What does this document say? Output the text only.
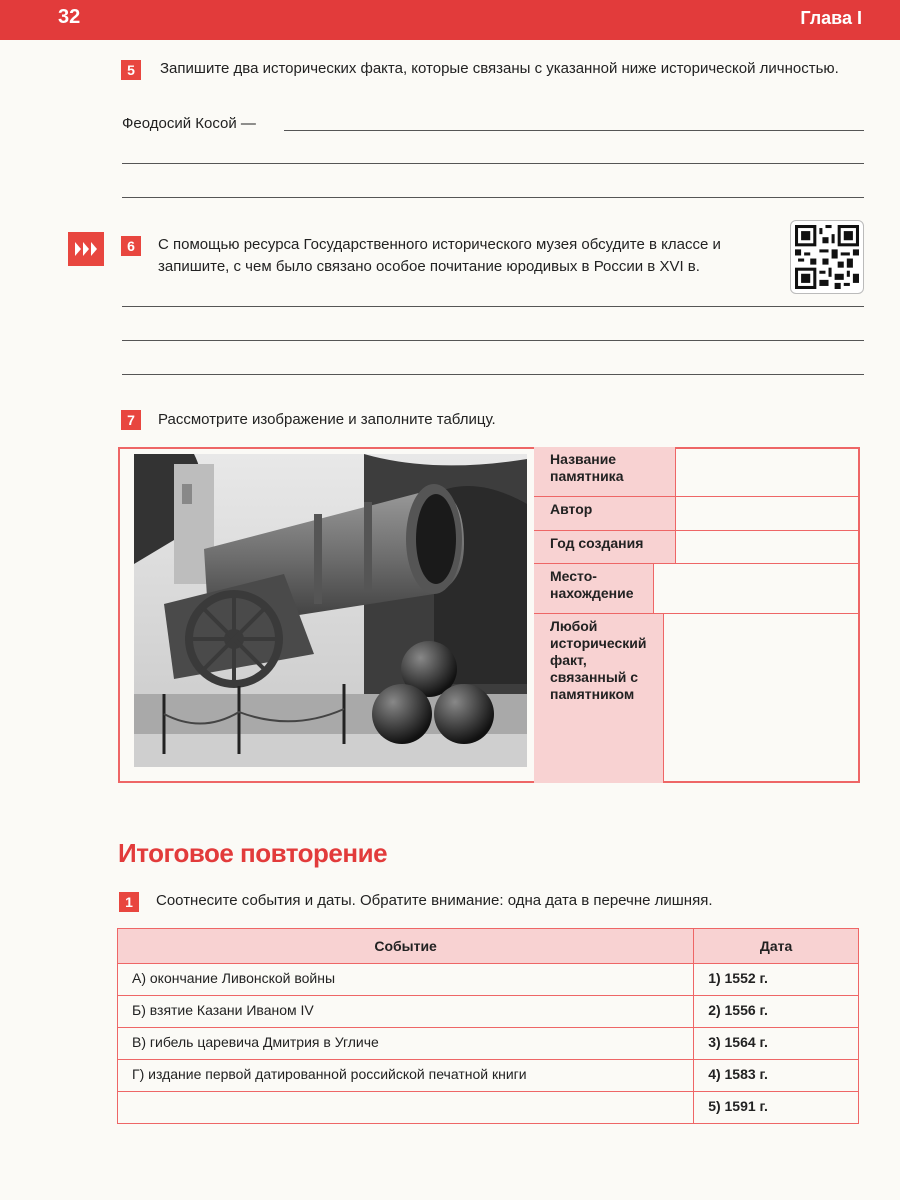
32	Глава I
5	Запишите два исторических факта, которые связаны с указанной ниже исторической личностью.
Феодосий Косой —
6	С помощью ресурса Государственного исторического музея обсудите в классе и запишите, с чем было связано особое почитание юродивых в России в XVI в.
7	Рассмотрите изображение и заполните таблицу.
Название памятника
Автор
Год создания
Место-нахождение
Любой исторический факт, связанный с памятником
Итоговое повторение
1	Соотнесите события и даты. Обратите внимание: одна дата в перечне лишняя.
Событие	Дата
А) окончание Ливонской войны	1) 1552 г.
Б) взятие Казани Иваном IV	2) 1556 г.
В) гибель царевича Дмитрия в Угличе	3) 1564 г.
Г) издание первой датированной российской печатной книги	4) 1583 г.
	5) 1591 г.
